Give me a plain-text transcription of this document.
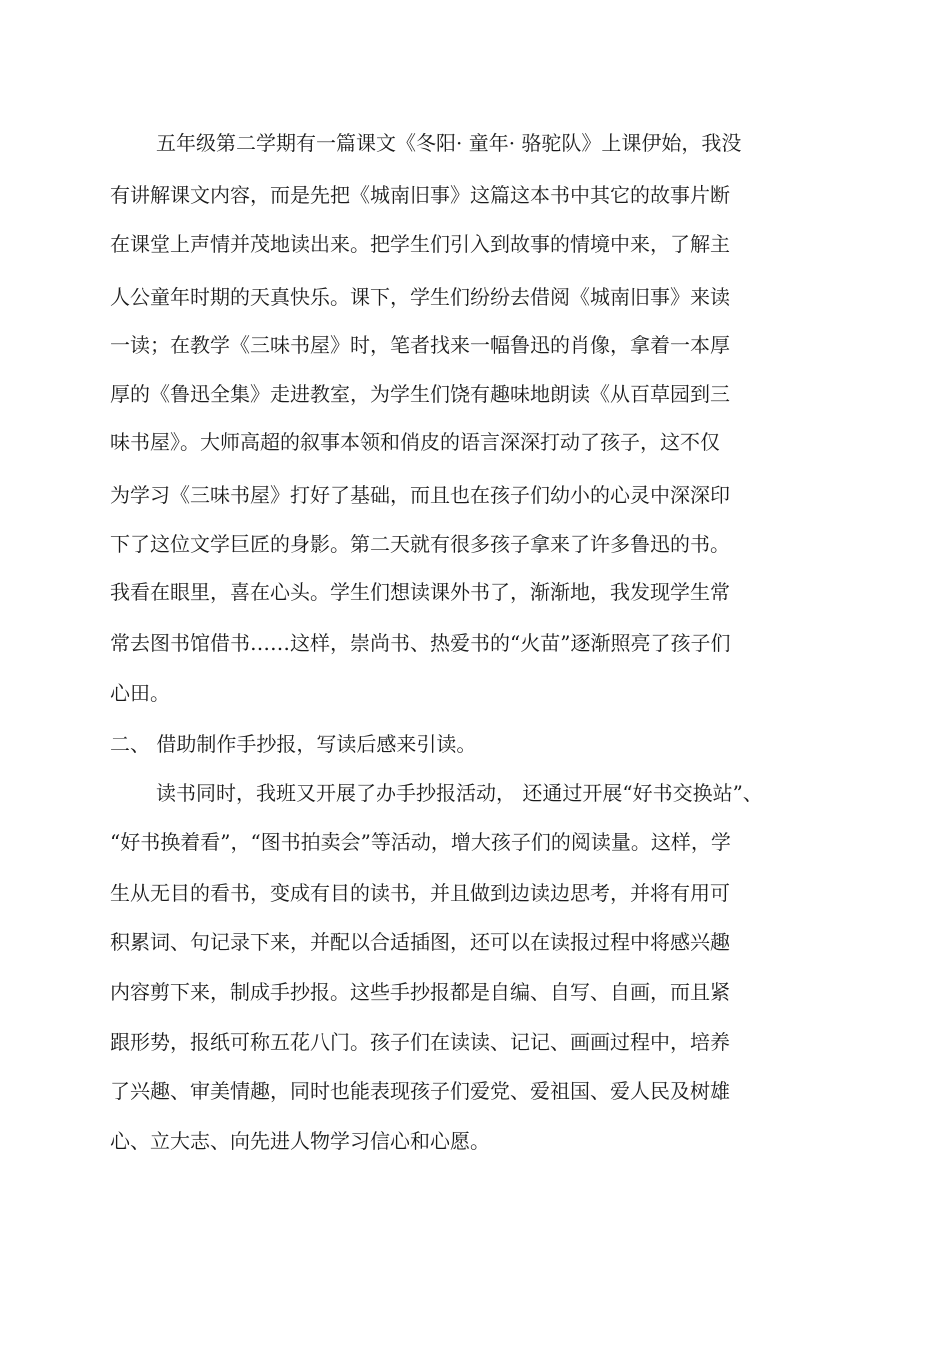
五年级第二学期有一篇课文《冬阳· 童年· 骆驼队》上课伊始，我没
有讲解课文内容，而是先把《城南旧事》这篇这本书中其它的故事片断
在课堂上声情并茂地读出来。把学生们引入到故事的情境中来，了解主
人公童年时期的天真快乐。课下，学生们纷纷去借阅《城南旧事》来读
一读；在教学《三味书屋》时，笔者找来一幅鲁迅的肖像，拿着一本厚
厚的《鲁迅全集》走进教室，为学生们饶有趣味地朗读《从百草园到三
味书屋》。大师高超的叙事本领和俏皮的语言深深打动了孩子，这不仅
为学习《三味书屋》打好了基础，而且也在孩子们幼小的心灵中深深印
下了这位文学巨匠的身影。第二天就有很多孩子拿来了许多鲁迅的书。
我看在眼里，喜在心头。学生们想读课外书了，渐渐地，我发现学生常
常去图书馆借书……这样，崇尚书、热爱书的“火苗”逐渐照亮了孩子们
心田。
二、 借助制作手抄报，写读后感来引读。
读书同时，我班又开展了办手抄报活动， 还通过开展“好书交换站”、
“好书换着看”，“图书拍卖会”等活动，增大孩子们的阅读量。这样，学
生从无目的看书，变成有目的读书，并且做到边读边思考，并将有用可
积累词、句记录下来，并配以合适插图，还可以在读报过程中将感兴趣
内容剪下来，制成手抄报。这些手抄报都是自编、自写、自画，而且紧
跟形势，报纸可称五花八门。孩子们在读读、记记、画画过程中，培养
了兴趣、审美情趣，同时也能表现孩子们爱党、爱祖国、爱人民及树雄
心、立大志、向先进人物学习信心和心愿。
